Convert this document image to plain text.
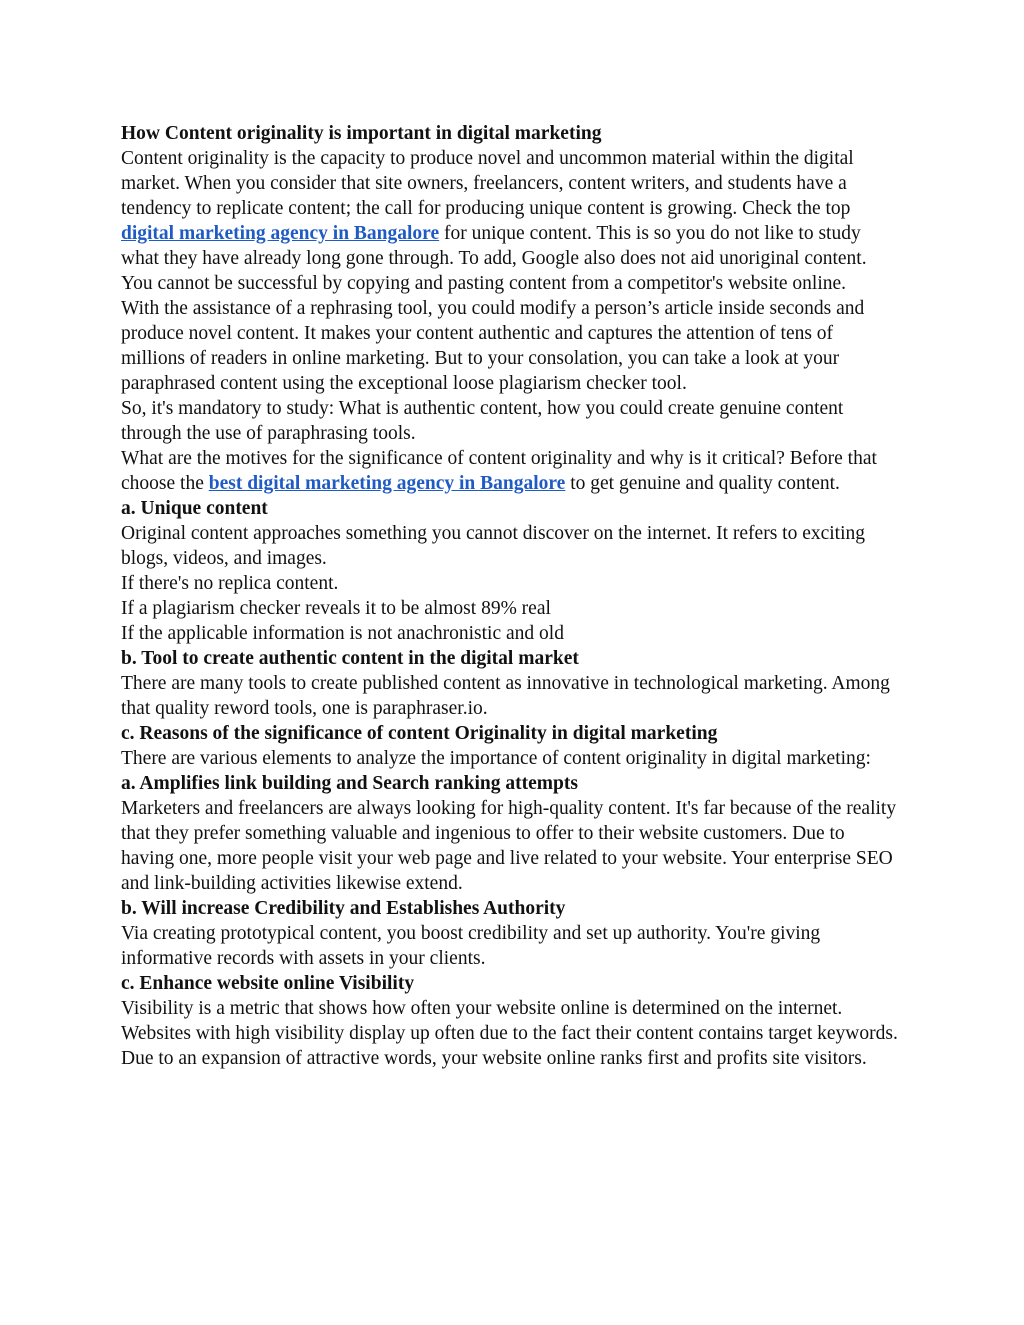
How Content originality is important in digital marketing

Content originality is the capacity to produce novel and uncommon material within the digital market. When you consider that site owners, freelancers, content writers, and students have a tendency to replicate content; the call for producing unique content is growing. Check the top digital marketing agency in Bangalore for unique content. This is so you do not like to study what they have already long gone through. To add, Google also does not aid unoriginal content. You cannot be successful by copying and pasting content from a competitor's website online.

With the assistance of a rephrasing tool, you could modify a person’s article inside seconds and produce novel content. It makes your content authentic and captures the attention of tens of millions of readers in online marketing. But to your consolation, you can take a look at your paraphrased content using the exceptional loose plagiarism checker tool.

So, it's mandatory to study: What is authentic content, how you could create genuine content through the use of paraphrasing tools.

What are the motives for the significance of content originality and why is it critical? Before that choose the best digital marketing agency in Bangalore to get genuine and quality content.

a. Unique content

Original content approaches something you cannot discover on the internet. It refers to exciting blogs, videos, and images.

If there's no replica content.

If a plagiarism checker reveals it to be almost 89% real

If the applicable information is not anachronistic and old

b. Tool to create authentic content in the digital market

There are many tools to create published content as innovative in technological marketing. Among that quality reword tools, one is paraphraser.io.

c. Reasons of the significance of content Originality in digital marketing

There are various elements to analyze the importance of content originality in digital marketing:

a. Amplifies link building and Search ranking attempts

Marketers and freelancers are always looking for high-quality content. It's far because of the reality that they prefer something valuable and ingenious to offer to their website customers. Due to having one, more people visit your web page and live related to your website. Your enterprise SEO and link-building activities likewise extend.

b. Will increase Credibility and Establishes Authority

Via creating prototypical content, you boost credibility and set up authority. You're giving informative records with assets in your clients.

c. Enhance website online Visibility

Visibility is a metric that shows how often your website online is determined on the internet. Websites with high visibility display up often due to the fact their content contains target keywords. Due to an expansion of attractive words, your website online ranks first and profits site visitors.
